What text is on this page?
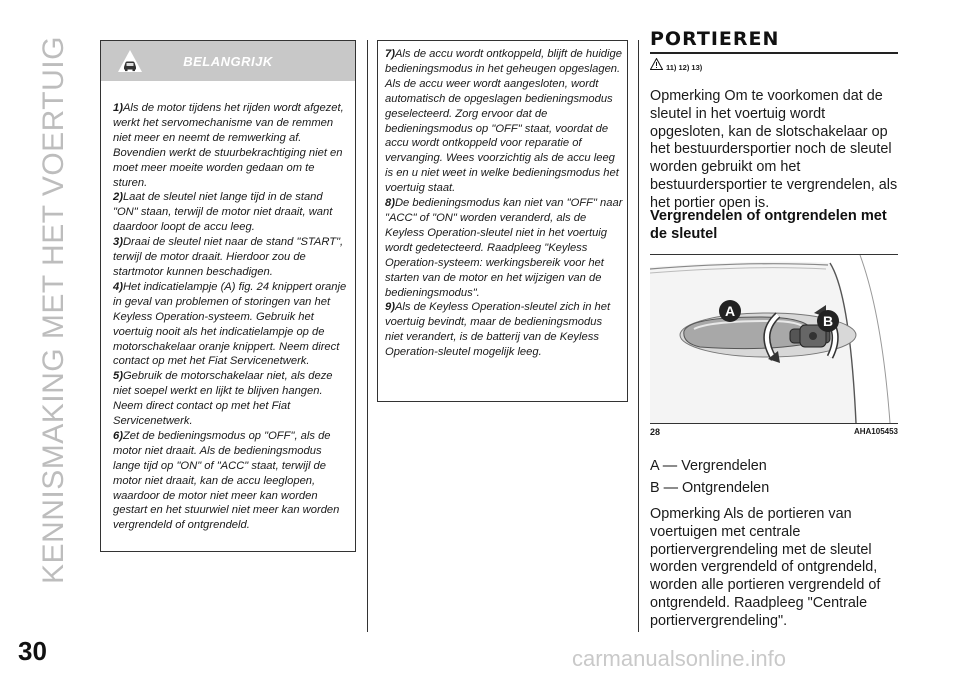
KENNISMAKING MET HET VOERTUIG
30
BELANGRIJK

1)Als de motor tijdens het rijden wordt afgezet, werkt het servomechanisme van de remmen niet meer en neemt de remwerking af. Bovendien werkt de stuurbekrachtiging niet en moet meer moeite worden gedaan om te sturen.

2)Laat de sleutel niet lange tijd in de stand "ON" staan, terwijl de motor niet draait, want daardoor loopt de accu leeg.

3)Draai de sleutel niet naar de stand "START", terwijl de motor draait. Hierdoor zou de startmotor kunnen beschadigen.

4)Het indicatielampje (A) fig. 24 knippert oranje in geval van problemen of storingen van het Keyless Operation-systeem. Gebruik het voertuig nooit als het indicatielampje op de motorschakelaar oranje knippert. Neem direct contact op met het Fiat Servicenetwerk.

5)Gebruik de motorschakelaar niet, als deze niet soepel werkt en lijkt te blijven hangen. Neem direct contact op met het Fiat Servicenetwerk.

6)Zet de bedieningsmodus op "OFF", als de motor niet draait. Als de bedieningsmodus lange tijd op "ON" of "ACC" staat, terwijl de motor niet draait, kan de accu leeglopen, waardoor de motor niet meer kan worden gestart en het stuurwiel niet meer kan worden vergrendeld of ontgrendeld.

7)Als de accu wordt ontkoppeld, blijft de huidige bedieningsmodus in het geheugen opgeslagen. Als de accu weer wordt aangesloten, wordt automatisch de opgeslagen bedieningsmodus geselecteerd. Zorg ervoor dat de bedieningsmodus op "OFF" staat, voordat de accu wordt ontkoppeld voor reparatie of vervanging. Wees voorzichtig als de accu leeg is en u niet weet in welke bedieningsmodus het voertuig staat.

8)De bedieningsmodus kan niet van "OFF" naar "ACC" of "ON" worden veranderd, als de Keyless Operation-sleutel niet in het voertuig wordt gedetecteerd. Raadpleeg "Keyless Operation-systeem: werkingsbereik voor het starten van de motor en het wijzigen van de bedieningsmodus".

9)Als de Keyless Operation-sleutel zich in het voertuig bevindt, maar de bedieningsmodus niet verandert, is de batterij van de Keyless Operation-sleutel mogelijk leeg.

PORTIEREN
11) 12) 13)

Opmerking Om te voorkomen dat de sleutel in het voertuig wordt opgesloten, kan de slotschakelaar op het bestuurdersportier noch de sleutel worden gebruikt om het bestuurdersportier te vergrendelen, als het portier open is.

Vergrendelen of ontgrendelen met de sleutel

A
B
28	AHA105453

A — Vergrendelen

B — Ontgrendelen

Opmerking Als de portieren van voertuigen met centrale portiervergrendeling met de sleutel worden vergrendeld of ontgrendeld, worden alle portieren vergrendeld of ontgrendeld. Raadpleeg "Centrale portiervergrendeling".

carmanualsonline.info
